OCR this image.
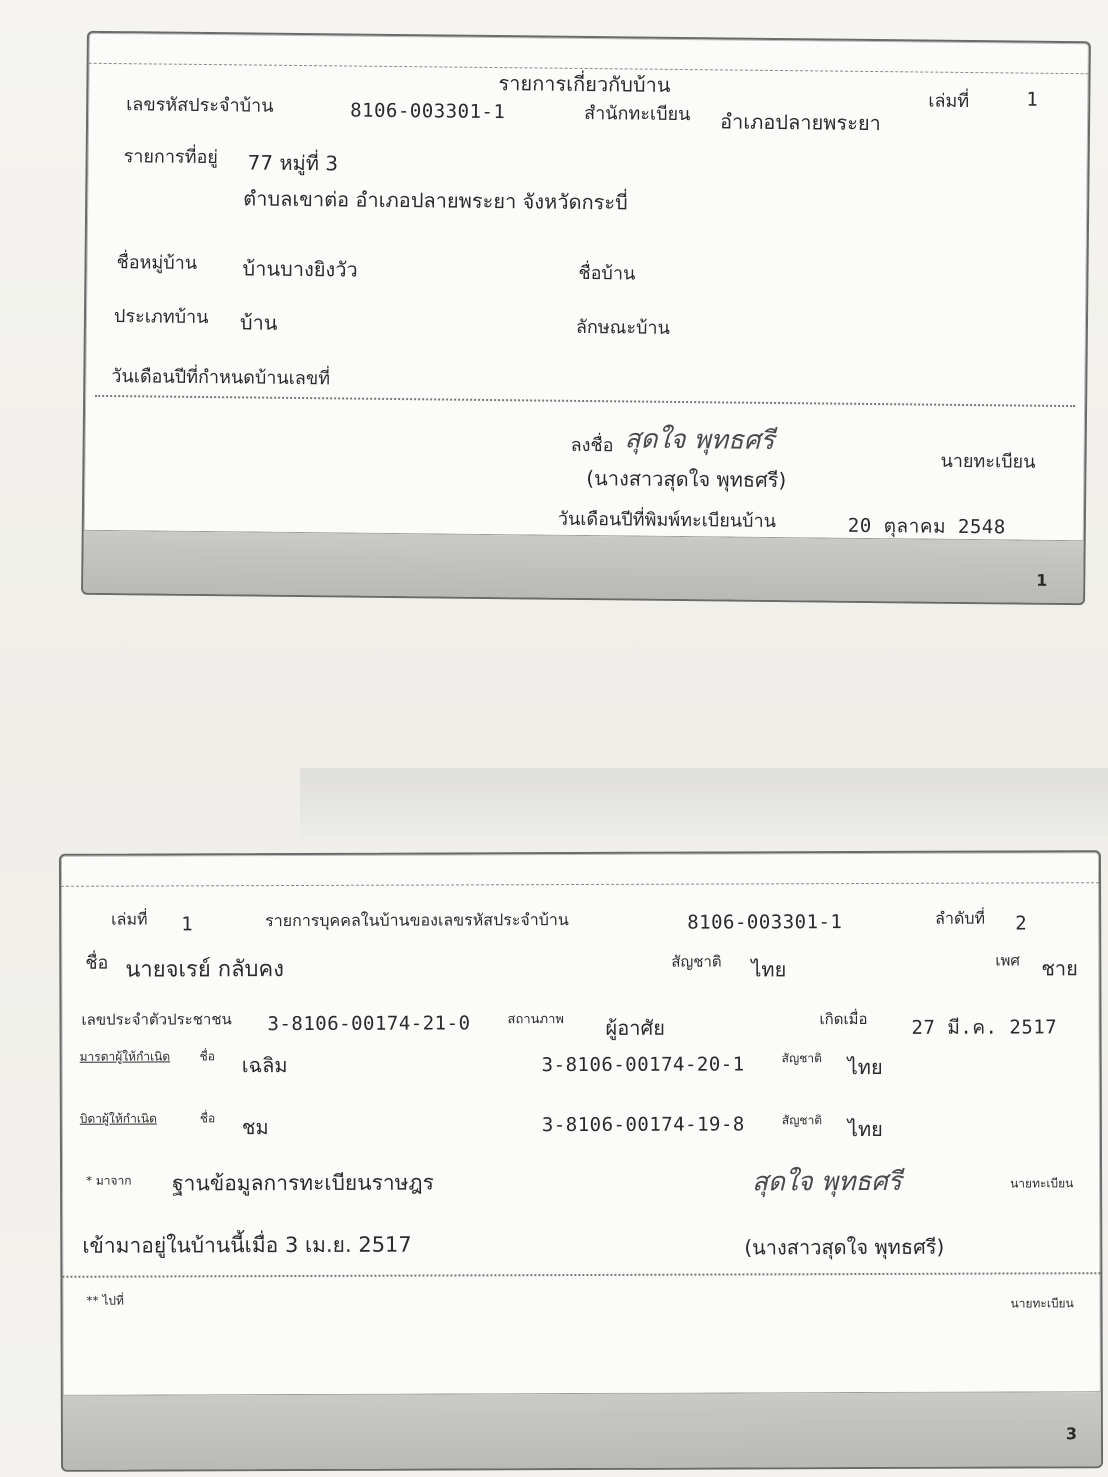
รายการเกี่ยวกับบ้าน
เล่มที่	1
เลขรหัสประจำบ้าน	8106-003301-1	สำนักทะเบียน อำเภอปลายพระยา
รายการที่อยู่ 77 หมู่ที่ 3
ตำบลเขาต่อ อำเภอปลายพระยา จังหวัดกระบี่
ชื่อหมู่บ้าน บ้านบางยิงวัว	ชื่อบ้าน
ประเภทบ้าน บ้าน	ลักษณะบ้าน
วันเดือนปีที่กำหนดบ้านเลขที่
ลงชื่อ สุดใจ พุทธศรี
นายทะเบียน
(นางสาวสุดใจ พุทธศรี)
วันเดือนปีที่พิมพ์ทะเบียนบ้าน	20 ตุลาคม 2548
1
เล่มที่ 1	รายการบุคคลในบ้านของเลขรหัสประจำบ้าน	8106-003301-1	ลำดับที่ 2
ชื่อ นายจเรย์ กลับคง	สัญชาติ ไทย	เพศ ชาย
เลขประจำตัวประชาชน 3-8106-00174-21-0	สถานภาพ ผู้อาศัย	เกิดเมื่อ 27 มี.ค. 2517
มารดาผู้ให้กำเนิด ชื่อ เฉลิม	3-8106-00174-20-1	สัญชาติ ไทย
บิดาผู้ให้กำเนิด	ชื่อ ชม	3-8106-00174-19-8	สัญชาติ ไทย
* มาจาก ฐานข้อมูลการทะเบียนราษฎร	สุดใจ พุทธศรี	นายทะเบียน
เข้ามาอยู่ในบ้านนี้เมื่อ 3 เม.ย. 2517	(นางสาวสุดใจ พุทธศรี)
** ไปที่	นายทะเบียน
3
